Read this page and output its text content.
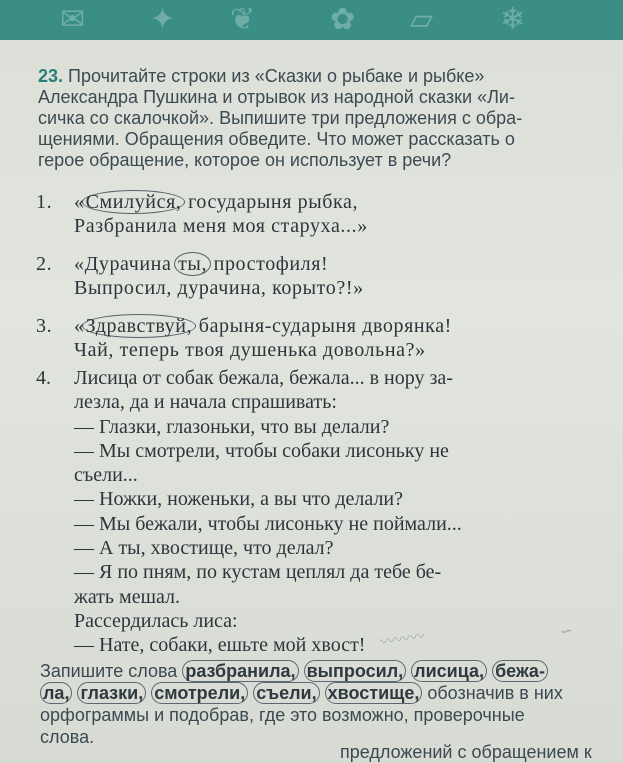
✉ ✦ ❦ ✿ ▱ ❄
23. Прочитайте строки из «Сказки о рыбаке и рыбке»
Александра Пушкина и отрывок из народной сказки «Ли-
сичка со скалочкой». Выпишите три предложения с обра-
щениями. Обращения обведите. Что может рассказать о
герое обращение, которое он использует в речи?
1.	«Смилуйся, государыня рыбка,
Разбранила меня моя старуха...»
2.	«Дурачина ты, простофиля!
Выпросил, дурачина, корыто?!»
3.	«Здравствуй, барыня-сударыня дворянка!
Чай, теперь твоя душенька довольна?»
4.	Лисица от собак бежала, бежала... в нору за-
лезла, да и начала спрашивать:
— Глазки, глазоньки, что вы делали?
— Мы смотрели, чтобы собаки лисоньку не
съели...
— Ножки, ноженьки, а вы что делали?
— Мы бежали, чтобы лисоньку не поймали...
— А ты, хвостище, что делал?
— Я по пням, по кустам цеплял да тебе бе-
жать мешал.
Рассердилась лиса:
— Нате, собаки, ешьте мой хвост! 〰〰〰	∽
Запишите слова разбранила, выпросил, лисица, бежа-
ла, глазки, смотрели, съели, хвостище, обозначив в них
орфограммы и подобрав, где это возможно, проверочные
слова.
предложений с обращением к
